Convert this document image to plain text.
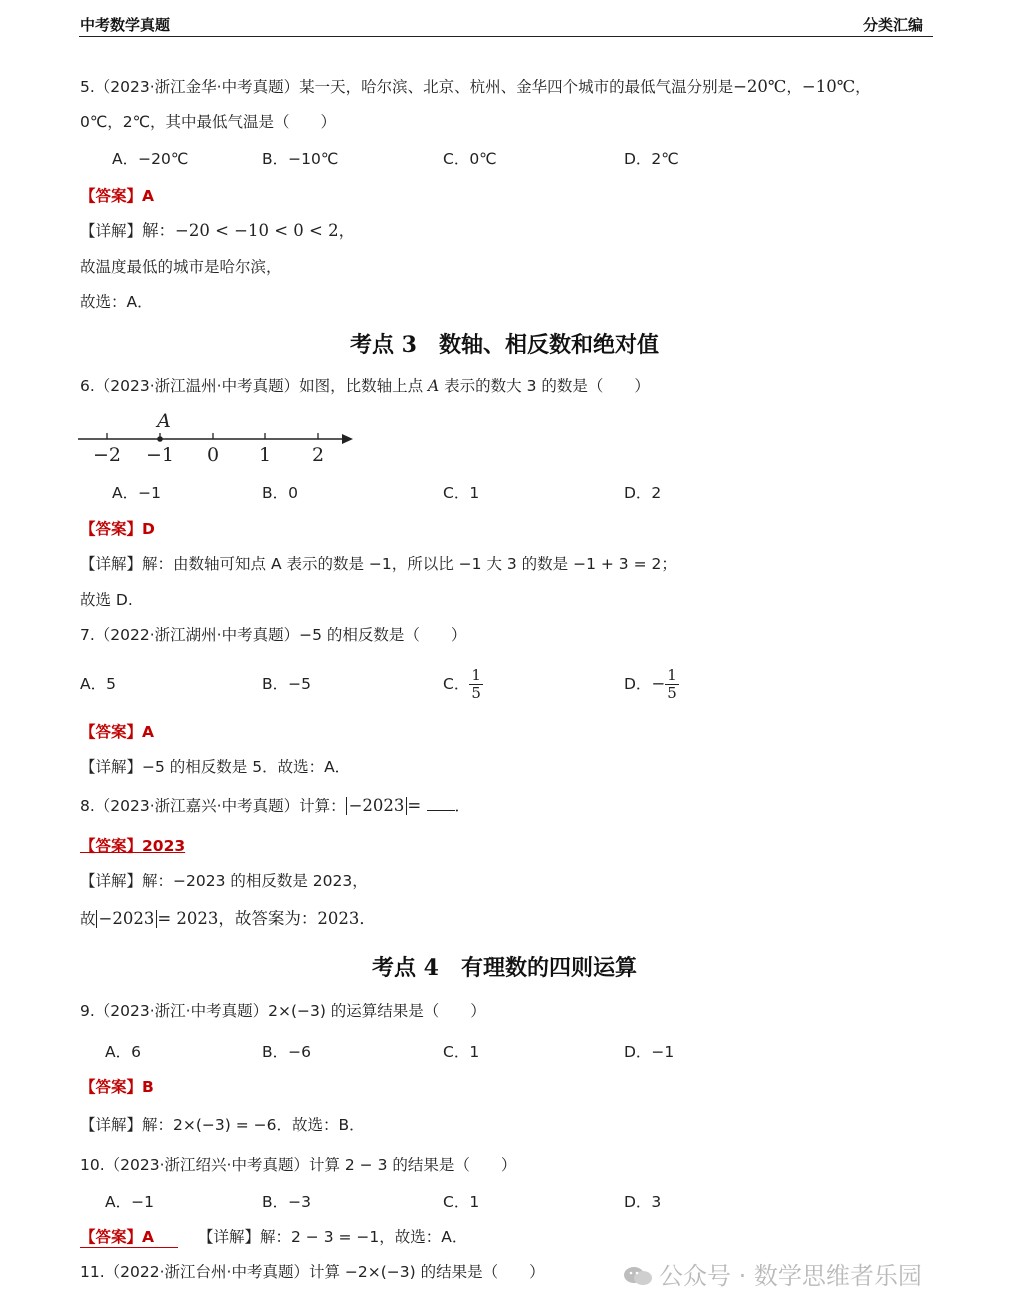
中考数学真题	分类汇编
5.（2023·浙江金华·中考真题）某一天，哈尔滨、北京、杭州、金华四个城市的最低气温分别是−20℃，−10℃，
0℃，2℃，其中最低气温是（　　）
A．−20℃	B．−10℃	C．0℃	D．2℃
【答案】A
【详解】解：−20 < −10 < 0 < 2，
故温度最低的城市是哈尔滨，
故选：A．
考点 3　数轴、相反数和绝对值
6.（2023·浙江温州·中考真题）如图，比数轴上点 A 表示的数大 3 的数是（　　）
A
−2 −1 0 1 2
A．−1	B．0	C．1	D．2
【答案】D
【详解】解：由数轴可知点 A 表示的数是 −1，所以比 −1 大 3 的数是 −1 + 3 = 2；
故选 D.
7.（2022·浙江湖州·中考真题）−5 的相反数是（　　）
A．5	B．−5	C． $\frac{1}{5}$	D．− $\frac{1}{5}$
【答案】A
【详解】−5 的相反数是 5．故选：A．
8.（2023·浙江嘉兴·中考真题）计算： −2023 = ．
【答案】2023
【详解】解：−2023 的相反数是 2023，
故 −2023 = 2023，故答案为：2023．
考点 4　有理数的四则运算
9.（2023·浙江·中考真题）2×(−3) 的运算结果是（　　）
A．6	B．−6	C．1	D．−1
【答案】B
【详解】解：2×(−3) = −6．故选：B．
10.（2023·浙江绍兴·中考真题）计算 2 − 3 的结果是（　　）
A．−1	B．−3	C．1	D．3
【答案】A	【详解】解：2 − 3 = −1，故选：A．
11.（2022·浙江台州·中考真题）计算 −2×(−3) 的结果是（　　）	公众号 · 数学思维者乐园
